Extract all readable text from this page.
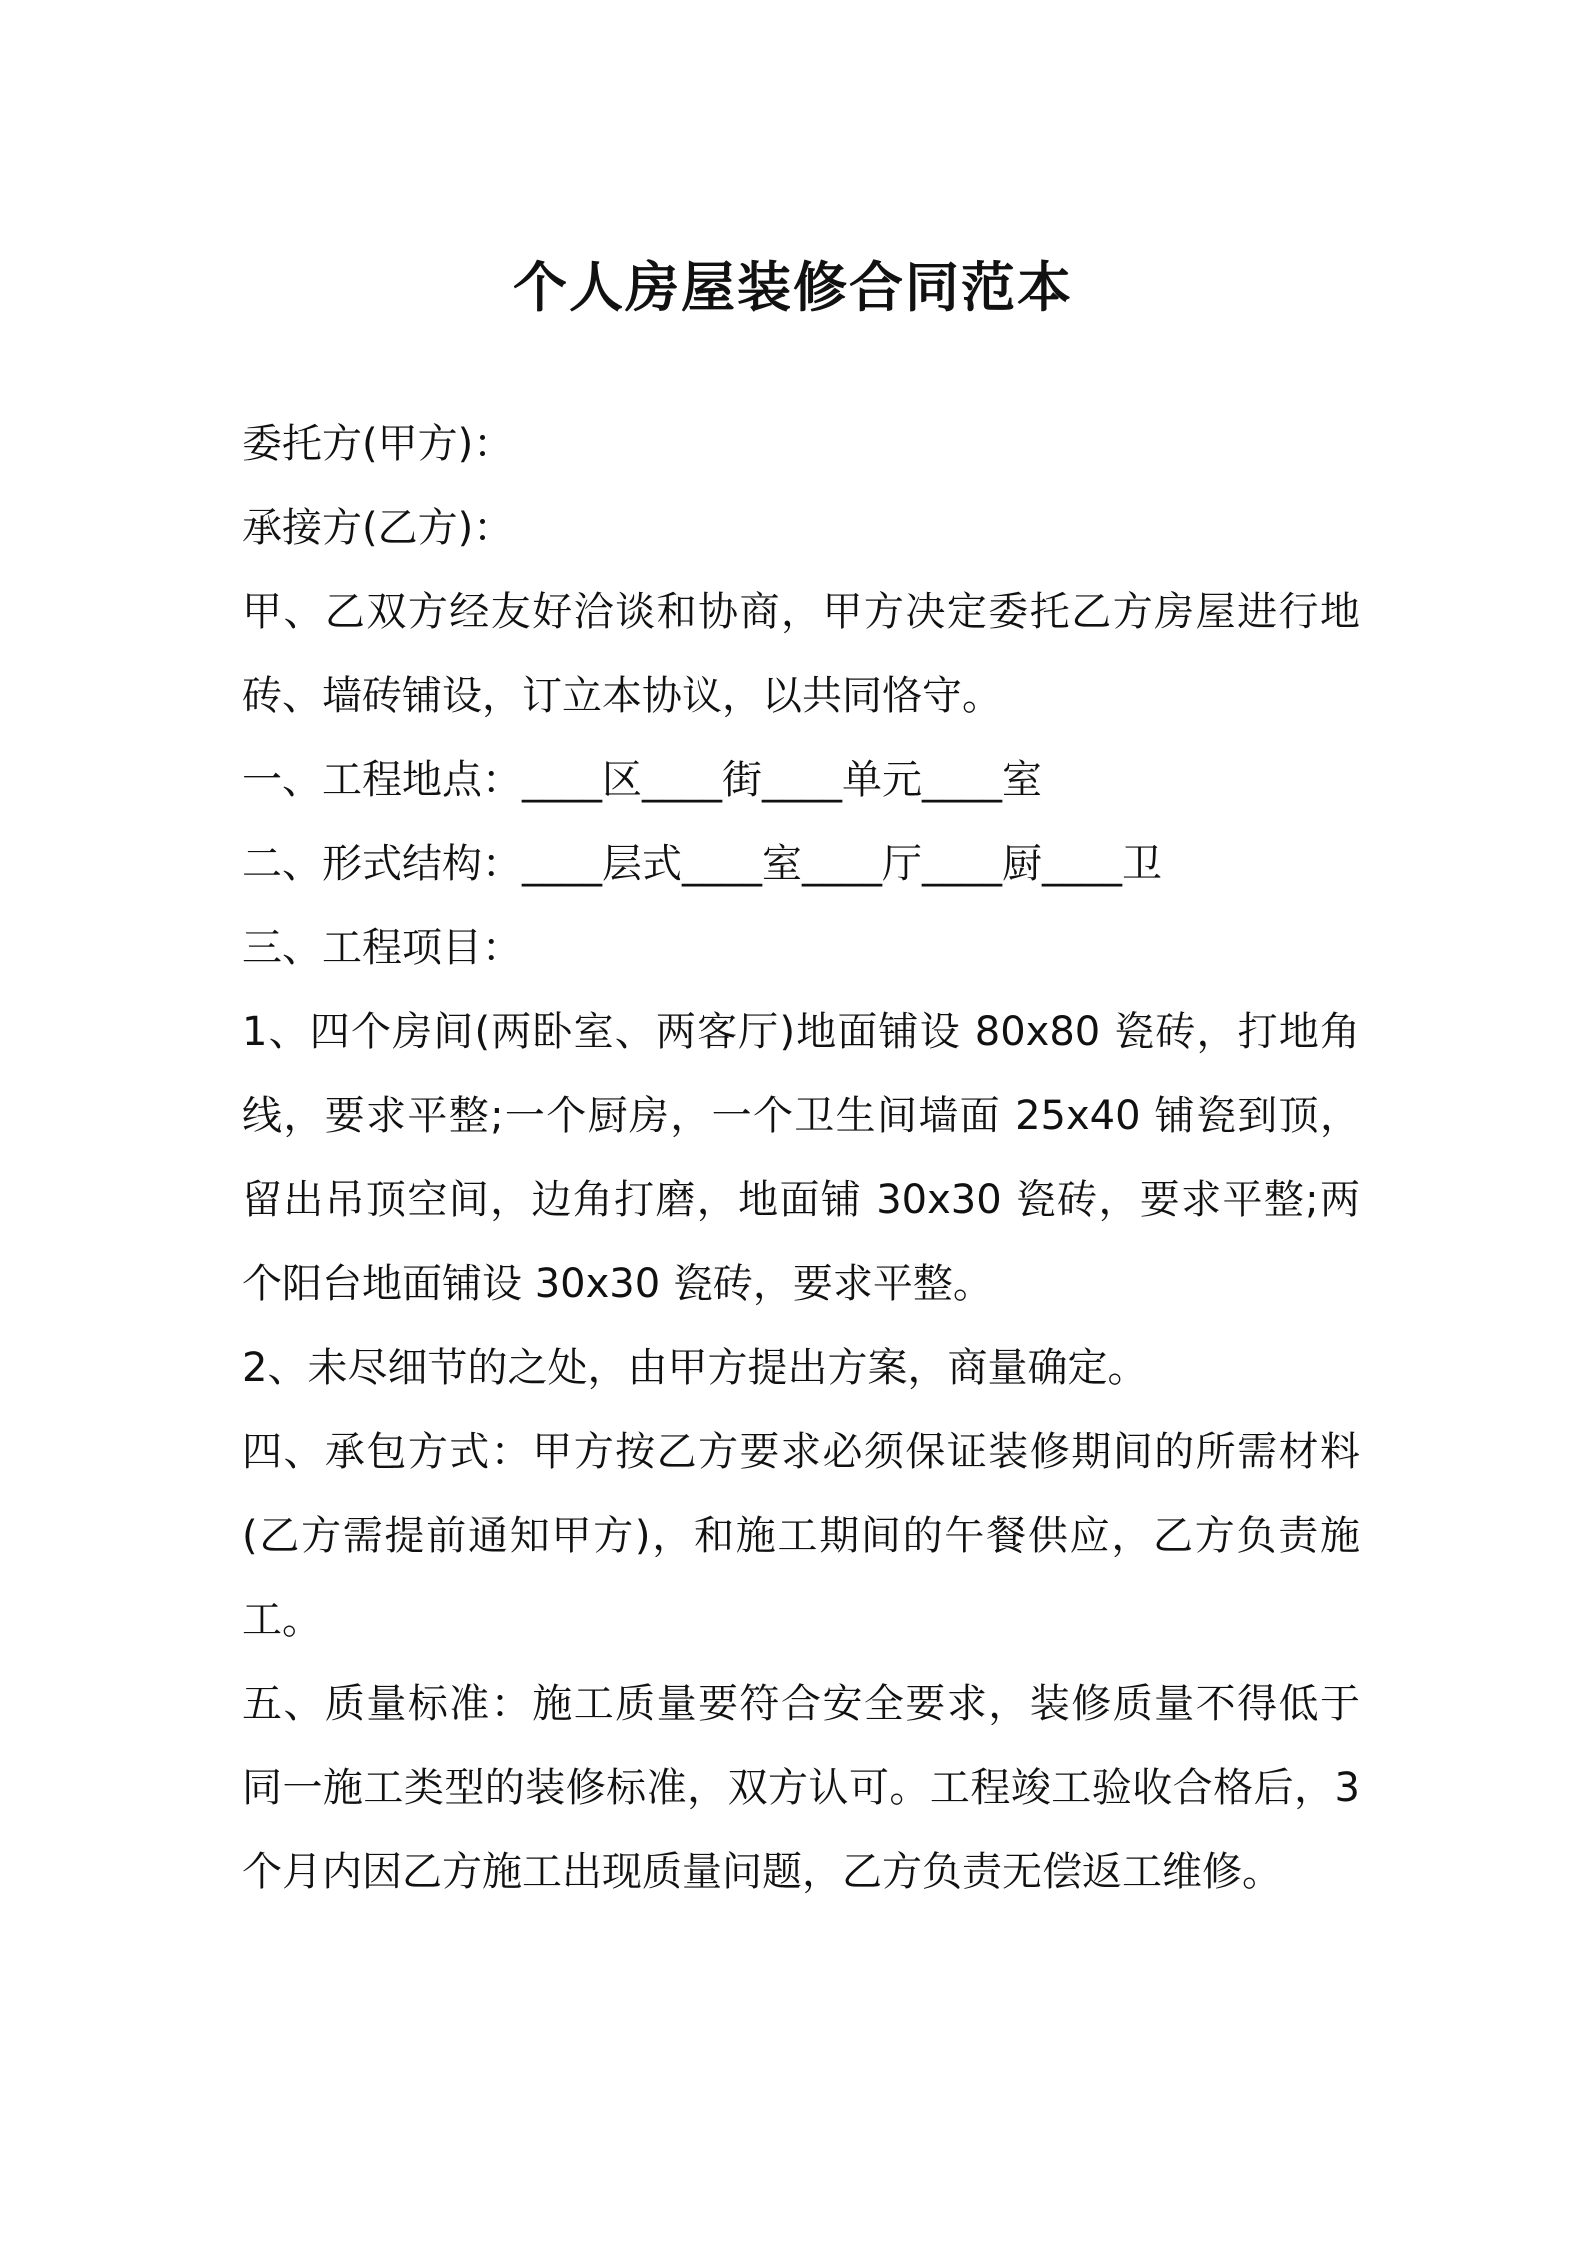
个人房屋装修合同范本

委托方(甲方)：

承接方(乙方)：

甲、乙双方经友好洽谈和协商，甲方决定委托乙方房屋进行地砖、墙砖铺设，订立本协议，以共同恪守。

一、工程地点：____区____街____单元____室

二、形式结构：____层式____室____厅____厨____卫

三、工程项目：

1、四个房间(两卧室、两客厅)地面铺设 80x80 瓷砖，打地角线，要求平整;一个厨房，一个卫生间墙面 25x40 铺瓷到顶，留出吊顶空间，边角打磨，地面铺 30x30 瓷砖，要求平整;两个阳台地面铺设 30x30 瓷砖，要求平整。

2、未尽细节的之处，由甲方提出方案，商量确定。

四、承包方式：甲方按乙方要求必须保证装修期间的所需材料(乙方需提前通知甲方)，和施工期间的午餐供应，乙方负责施工。

五、质量标准：施工质量要符合安全要求，装修质量不得低于同一施工类型的装修标准，双方认可。工程竣工验收合格后，3 个月内因乙方施工出现质量问题，乙方负责无偿返工维修。
